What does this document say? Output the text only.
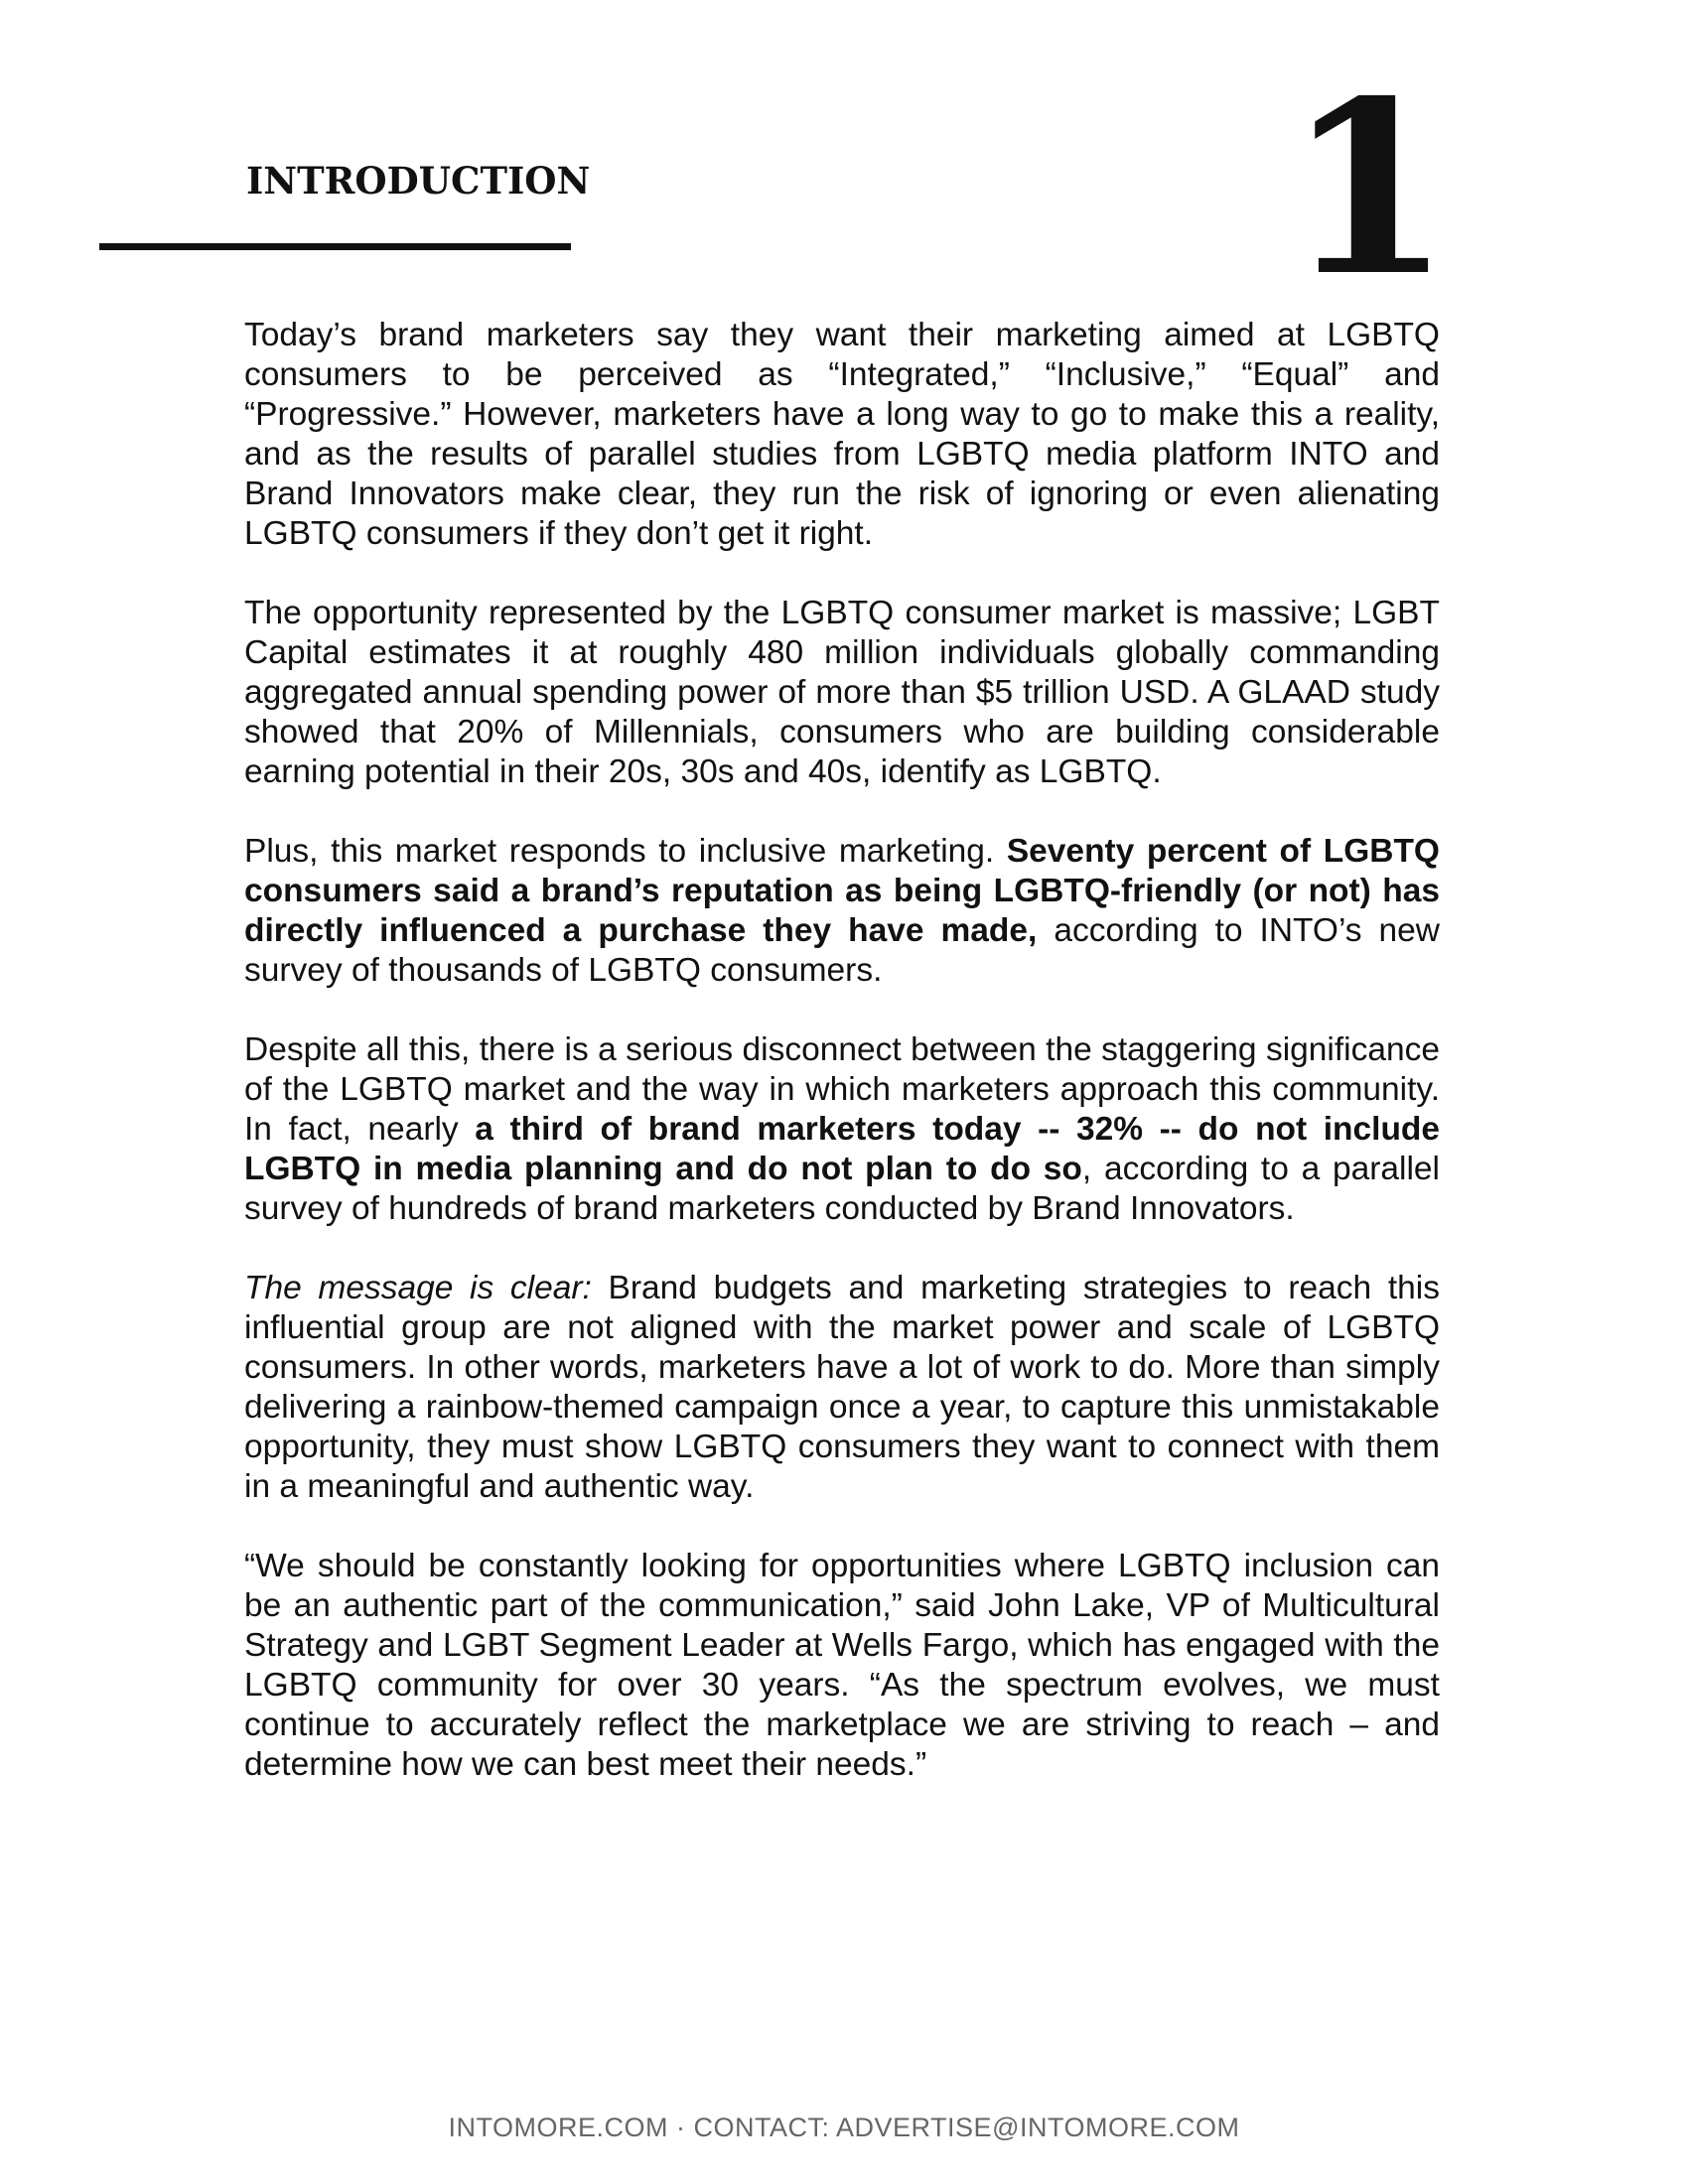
INTRODUCTION	1

Today’s brand marketers say they want their marketing aimed at LGBTQ consumers to be perceived as “Integrated,” “Inclusive,” “Equal” and “Progressive.” However, marketers have a long way to go to make this a reality, and as the results of parallel studies from LGBTQ media platform INTO and Brand Innovators make clear, they run the risk of ignoring or even alienating LGBTQ consumers if they don’t get it right.

The opportunity represented by the LGBTQ consumer market is massive; LGBT Capital estimates it at roughly 480 million individuals globally commanding aggregated annual spending power of more than $5 trillion USD. A GLAAD study showed that 20% of Millennials, consumers who are building considerable earning potential in their 20s, 30s and 40s, identify as LGBTQ.

Plus, this market responds to inclusive marketing. Seventy percent of LGBTQ consumers said a brand’s reputation as being LGBTQ-friendly (or not) has directly influenced a purchase they have made, according to INTO’s new survey of thousands of LGBTQ consumers.

Despite all this, there is a serious disconnect between the staggering significance of the LGBTQ market and the way in which marketers approach this community. In fact, nearly a third of brand marketers today -- 32% -- do not include LGBTQ in media planning and do not plan to do so, according to a parallel survey of hundreds of brand marketers conducted by Brand Innovators.

The message is clear: Brand budgets and marketing strategies to reach this influential group are not aligned with the market power and scale of LGBTQ consumers. In other words, marketers have a lot of work to do. More than simply delivering a rainbow-themed campaign once a year, to capture this unmistakable opportunity, they must show LGBTQ consumers they want to connect with them in a meaningful and authentic way.

“We should be constantly looking for opportunities where LGBTQ inclusion can be an authentic part of the communication,” said John Lake, VP of Multicultural Strategy and LGBT Segment Leader at Wells Fargo, which has engaged with the LGBTQ community for over 30 years. “As the spectrum evolves, we must continue to accurately reflect the marketplace we are striving to reach – and determine how we can best meet their needs.”

INTOMORE.COM · CONTACT: ADVERTISE@INTOMORE.COM
